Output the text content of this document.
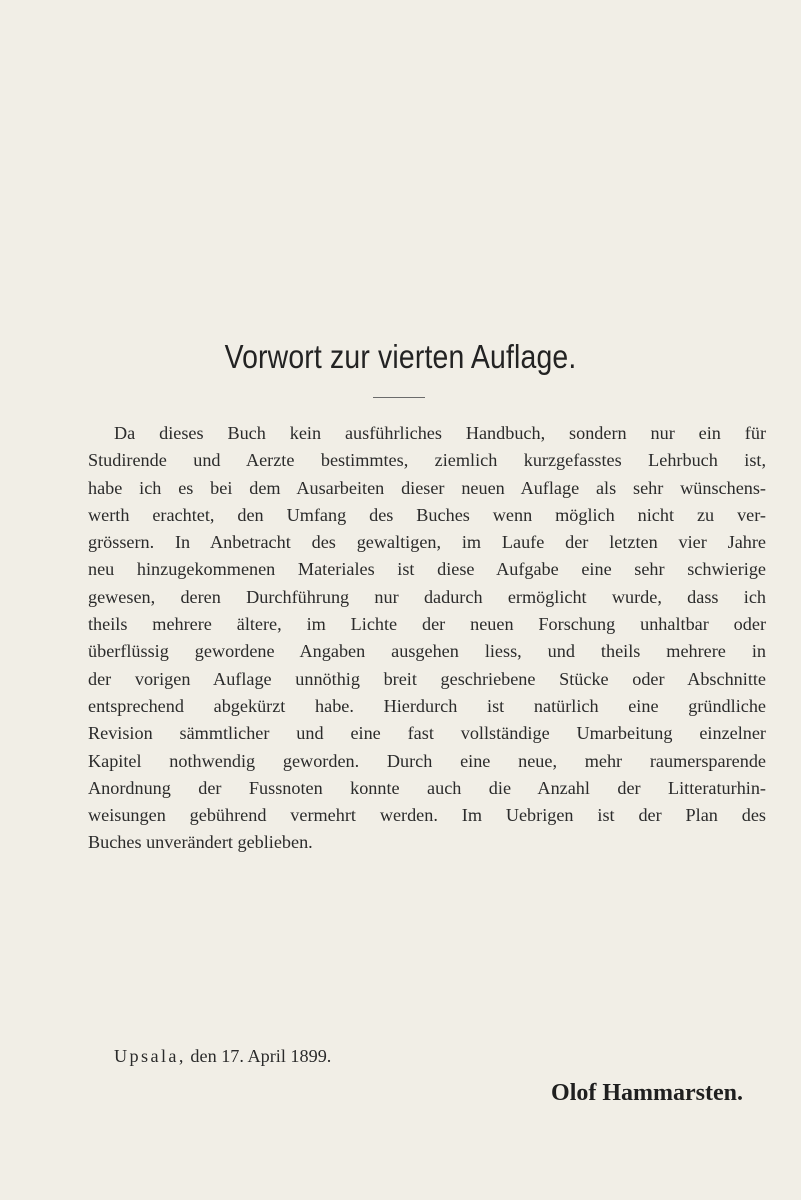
Vorwort zur vierten Auflage.
Da dieses Buch kein ausführliches Handbuch, sondern nur ein für
Studirende und Aerzte bestimmtes, ziemlich kurzgefasstes Lehrbuch ist,
habe ich es bei dem Ausarbeiten dieser neuen Auflage als sehr wünschens-
werth erachtet, den Umfang des Buches wenn möglich nicht zu ver-
grössern. In Anbetracht des gewaltigen, im Laufe der letzten vier Jahre
neu hinzugekommenen Materiales ist diese Aufgabe eine sehr schwierige
gewesen, deren Durchführung nur dadurch ermöglicht wurde, dass ich
theils mehrere ältere, im Lichte der neuen Forschung unhaltbar oder
überflüssig gewordene Angaben ausgehen liess, und theils mehrere in
der vorigen Auflage unnöthig breit geschriebene Stücke oder Abschnitte
entsprechend abgekürzt habe. Hierdurch ist natürlich eine gründliche
Revision sämmtlicher und eine fast vollständige Umarbeitung einzelner
Kapitel nothwendig geworden. Durch eine neue, mehr raumersparende
Anordnung der Fussnoten konnte auch die Anzahl der Litteraturhin-
weisungen gebührend vermehrt werden. Im Uebrigen ist der Plan des
Buches unverändert geblieben.
Upsala, den 17. April 1899.
Olof Hammarsten.
